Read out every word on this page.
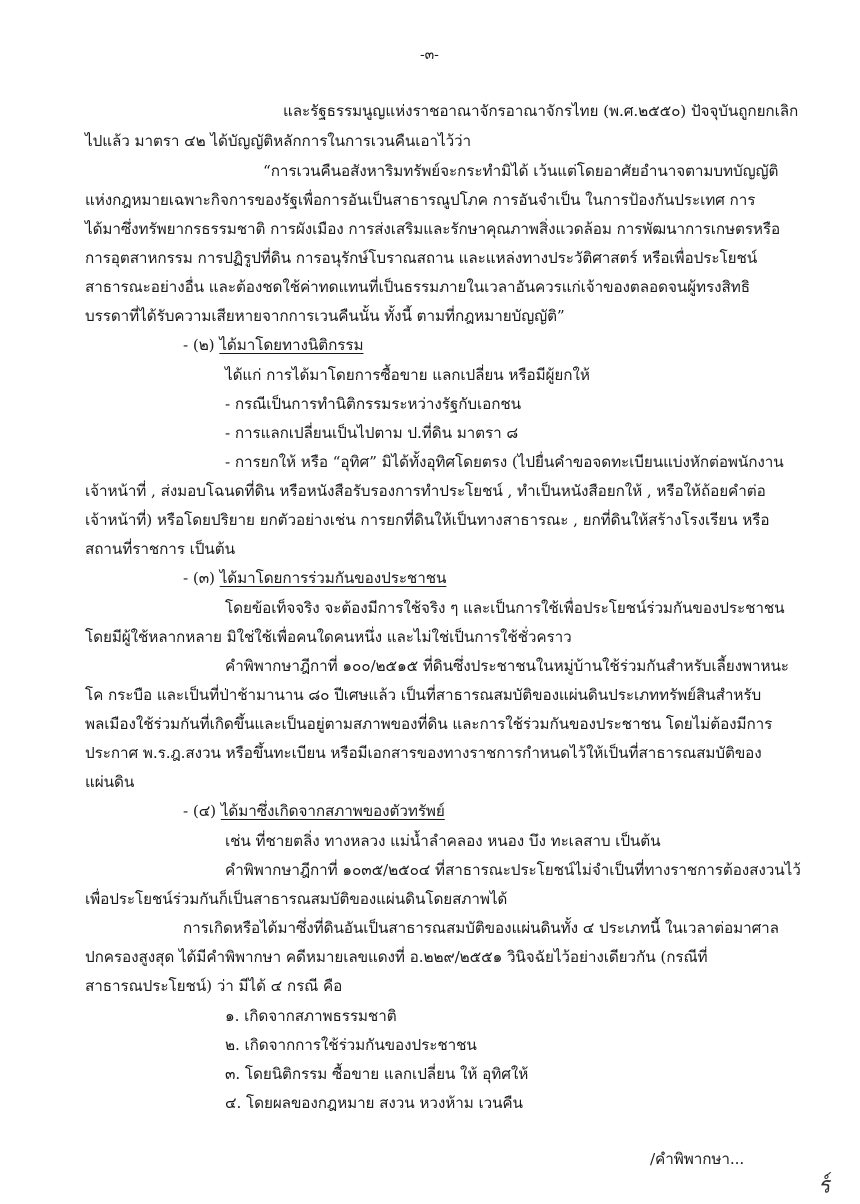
-๓-
และรัฐธรรมนูญแห่งราชอาณาจักรอาณาจักรไทย (พ.ศ.๒๕๕๐) ปัจจุบันถูกยกเลิก
ไปแล้ว มาตรา ๔๒ ได้บัญญัติหลักการในการเวนคืนเอาไว้ว่า
“การเวนคืนอสังหาริมทรัพย์จะกระทำมิได้ เว้นแต่โดยอาศัยอำนาจตามบทบัญญัติ
แห่งกฎหมายเฉพาะกิจการของรัฐเพื่อการอันเป็นสาธารณูปโภค การอันจำเป็น ในการป้องกันประเทศ การ
ได้มาซึ่งทรัพยากรธรรมชาติ การผังเมือง การส่งเสริมและรักษาคุณภาพสิ่งแวดล้อม การพัฒนาการเกษตรหรือ
การอุตสาหกรรม การปฏิรูปที่ดิน การอนุรักษ์โบราณสถาน และแหล่งทางประวัติศาสตร์ หรือเพื่อประโยชน์
สาธารณะอย่างอื่น และต้องชดใช้ค่าทดแทนที่เป็นธรรมภายในเวลาอันควรแก่เจ้าของตลอดจนผู้ทรงสิทธิ
บรรดาที่ได้รับความเสียหายจากการเวนคืนนั้น ทั้งนี้ ตามที่กฎหมายบัญญัติ”
- (๒) ได้มาโดยทางนิติกรรม
ได้แก่ การได้มาโดยการซื้อขาย แลกเปลี่ยน หรือมีผู้ยกให้
- กรณีเป็นการทำนิติกรรมระหว่างรัฐกับเอกชน
- การแลกเปลี่ยนเป็นไปตาม ป.ที่ดิน มาตรา ๘
- การยกให้ หรือ “อุทิศ” มิได้ทั้งอุทิศโดยตรง (ไปยื่นคำขอจดทะเบียนแบ่งหักต่อพนักงาน
เจ้าหน้าที่ , ส่งมอบโฉนดที่ดิน หรือหนังสือรับรองการทำประโยชน์ , ทำเป็นหนังสือยกให้ , หรือให้ถ้อยคำต่อ
เจ้าหน้าที่) หรือโดยปริยาย ยกตัวอย่างเช่น การยกที่ดินให้เป็นทางสาธารณะ , ยกที่ดินให้สร้างโรงเรียน หรือ
สถานที่ราชการ เป็นต้น
- (๓) ได้มาโดยการร่วมกันของประชาชน
โดยข้อเท็จจริง จะต้องมีการใช้จริง ๆ และเป็นการใช้เพื่อประโยชน์ร่วมกันของประชาชน
โดยมีผู้ใช้หลากหลาย มิใช่ใช้เพื่อคนใดคนหนึ่ง และไม่ใช่เป็นการใช้ชั่วคราว
คำพิพากษาฎีกาที่ ๑๐๐/๒๕๑๕ ที่ดินซึ่งประชาชนในหมู่บ้านใช้ร่วมกันสำหรับเลี้ยงพาหนะ
โค กระบือ และเป็นที่ป่าช้ามานาน ๘๐ ปีเศษแล้ว เป็นที่สาธารณสมบัติของแผ่นดินประเภททรัพย์สินสำหรับ
พลเมืองใช้ร่วมกันที่เกิดขึ้นและเป็นอยู่ตามสภาพของที่ดิน และการใช้ร่วมกันของประชาชน โดยไม่ต้องมีการ
ประกาศ พ.ร.ฎ.สงวน หรือขึ้นทะเบียน หรือมีเอกสารของทางราชการกำหนดไว้ให้เป็นที่สาธารณสมบัติของ
แผ่นดิน
- (๔) ได้มาซึ่งเกิดจากสภาพของตัวทรัพย์
เช่น ที่ชายตลิ่ง ทางหลวง แม่น้ำลำคลอง หนอง บึง ทะเลสาบ เป็นต้น
คำพิพากษาฎีกาที่ ๑๐๓๕/๒๕๐๔ ที่สาธารณะประโยชน์ไม่จำเป็นที่ทางราชการต้องสงวนไว้
เพื่อประโยชน์ร่วมกันก็เป็นสาธารณสมบัติของแผ่นดินโดยสภาพได้
การเกิดหรือได้มาซึ่งที่ดินอันเป็นสาธารณสมบัติของแผ่นดินทั้ง ๔ ประเภทนี้ ในเวลาต่อมาศาล
ปกครองสูงสุด ได้มีคำพิพากษา คดีหมายเลขแดงที่ อ.๒๒๙/๒๕๕๑ วินิจฉัยไว้อย่างเดียวกัน (กรณีที่
สาธารณประโยชน์) ว่า มีได้ ๔ กรณี คือ
๑. เกิดจากสภาพธรรมชาติ
๒. เกิดจากการใช้ร่วมกันของประชาชน
๓. โดยนิติกรรม ซื้อขาย แลกเปลี่ยน ให้ อุทิศให้
๔. โดยผลของกฎหมาย สงวน หวงห้าม เวนคืน
/คำพิพากษา...
ร์
